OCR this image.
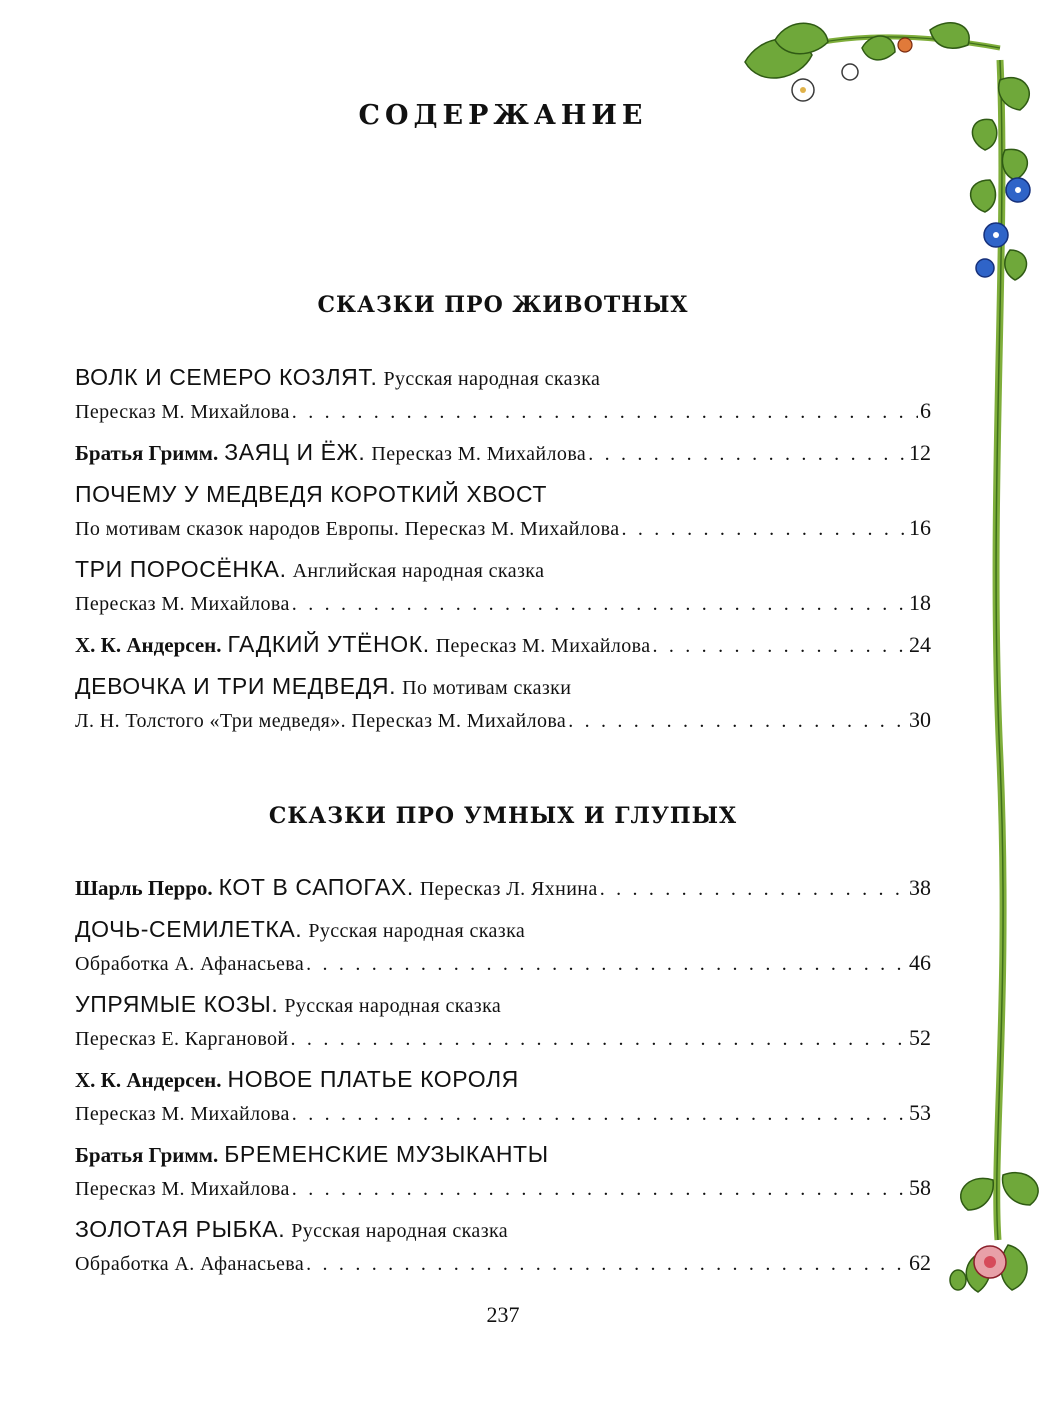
СОДЕРЖАНИЕ
СКАЗКИ ПРО ЖИВОТНЫХ
ВОЛК И СЕМЕРО КОЗЛЯТ. Русская народная сказка
Пересказ М. Михайлова . . .	6
Братья Гримм. ЗАЯЦ И ЁЖ. Пересказ М. Михайлова . . .	12
ПОЧЕМУ У МЕДВЕДЯ КОРОТКИЙ ХВОСТ
По мотивам сказок народов Европы. Пересказ М. Михайлова . . .	16
ТРИ ПОРОСЁНКА. Английская народная сказка
Пересказ М. Михайлова . . .	18
Х. К. Андерсен. ГАДКИЙ УТЁНОК. Пересказ М. Михайлова . . .	24
ДЕВОЧКА И ТРИ МЕДВЕДЯ. По мотивам сказки
Л. Н. Толстого «Три медведя». Пересказ М. Михайлова . . .	30
СКАЗКИ ПРО УМНЫХ И ГЛУПЫХ
Шарль Перро. КОТ В САПОГАХ. Пересказ Л. Яхнина . . .	38
ДОЧЬ-СЕМИЛЕТКА. Русская народная сказка
Обработка А. Афанасьева . . .	46
УПРЯМЫЕ КОЗЫ. Русская народная сказка
Пересказ Е. Каргановой . . .	52
Х. К. Андерсен. НОВОЕ ПЛАТЬЕ КОРОЛЯ
Пересказ М. Михайлова . . .	53
Братья Гримм. БРЕМЕНСКИЕ МУЗЫКАНТЫ
Пересказ М. Михайлова . . .	58
ЗОЛОТАЯ РЫБКА. Русская народная сказка
Обработка А. Афанасьева . . .	62
237
